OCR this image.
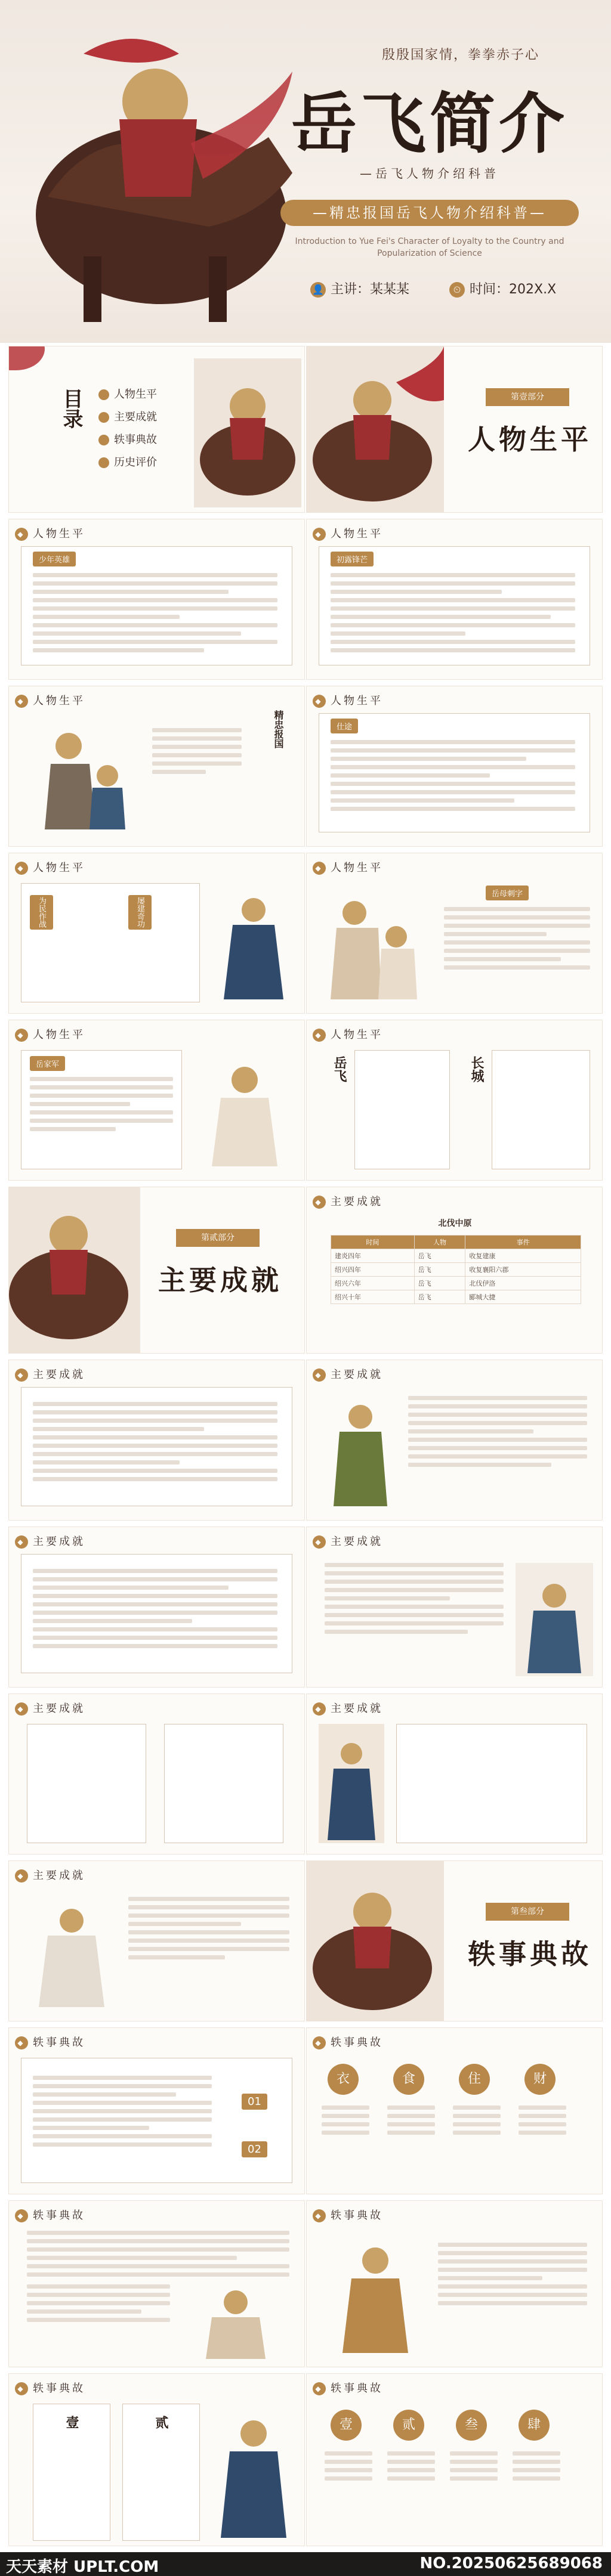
殷殷国家情，拳拳赤子心
岳飞简介
—岳飞人物介绍科普
—精忠报国岳飞人物介绍科普—
Introduction to Yue Fei's Character of Loyalty to the Country and Popularization of Science
👤 主讲：某某某	⏲ 时间：202X.X
目录	人物生平
主要成就
轶事典故
历史评价
第壹部分
人物生平
◆ 人物生平
少年英雄
◆ 人物生平
初露锋芒
◆ 人物生平
精忠报国
◆ 人物生平
仕途
◆ 人物生平
为民作战	屡建奇功
◆ 人物生平
岳母刺字
◆ 人物生平
岳家军
◆ 人物生平
岳飞	长城
第贰部分
主要成就
◆ 主要成就
北伐中原
时间	人物	事件
建炎四年	岳飞	收复建康
绍兴四年	岳飞	收复襄阳六郡
绍兴六年	岳飞	北伐伊洛
绍兴十年	岳飞	郾城大捷
◆ 主要成就	◆ 主要成就
◆ 主要成就	◆ 主要成就
◆ 主要成就	◆ 主要成就
◆ 主要成就
第叁部分
轶事典故
◆ 轶事典故
01
02
◆ 轶事典故
衣	食	住	财
◆ 轶事典故	◆ 轶事典故
◆ 轶事典故
壹	贰
◆ 轶事典故
壹	贰	叁	肆
天天素材 UPLT.COM	NO.20250625689068
